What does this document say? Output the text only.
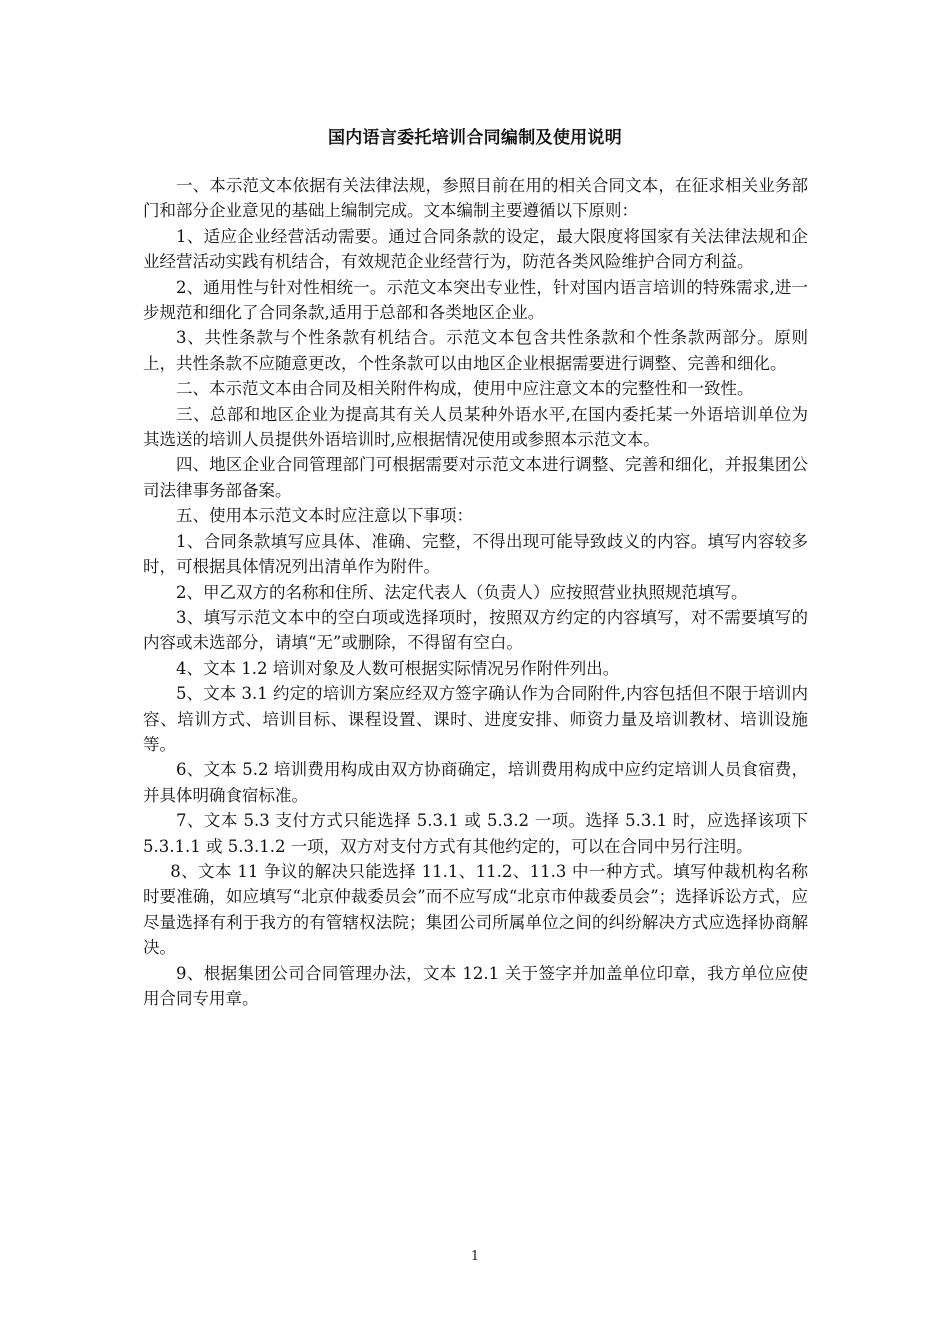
国内语言委托培训合同编制及使用说明

一、本示范文本依据有关法律法规，参照目前在用的相关合同文本，在征求相关业务部门和部分企业意见的基础上编制完成。文本编制主要遵循以下原则：

1、适应企业经营活动需要。通过合同条款的设定，最大限度将国家有关法律法规和企业经营活动实践有机结合，有效规范企业经营行为，防范各类风险维护合同方利益。

2、通用性与针对性相统一。示范文本突出专业性，针对国内语言培训的特殊需求,进一步规范和细化了合同条款,适用于总部和各类地区企业。

3、共性条款与个性条款有机结合。示范文本包含共性条款和个性条款两部分。原则上，共性条款不应随意更改，个性条款可以由地区企业根据需要进行调整、完善和细化。

二、本示范文本由合同及相关附件构成，使用中应注意文本的完整性和一致性。

三、总部和地区企业为提高其有关人员某种外语水平,在国内委托某一外语培训单位为其选送的培训人员提供外语培训时,应根据情况使用或参照本示范文本。

四、地区企业合同管理部门可根据需要对示范文本进行调整、完善和细化，并报集团公司法律事务部备案。

五、使用本示范文本时应注意以下事项：

1、合同条款填写应具体、准确、完整，不得出现可能导致歧义的内容。填写内容较多时，可根据具体情况列出清单作为附件。

2、甲乙双方的名称和住所、法定代表人（负责人）应按照营业执照规范填写。

3、填写示范文本中的空白项或选择项时，按照双方约定的内容填写，对不需要填写的内容或未选部分，请填“无”或删除，不得留有空白。

4、文本 1.2 培训对象及人数可根据实际情况另作附件列出。

5、文本 3.1 约定的培训方案应经双方签字确认作为合同附件,内容包括但不限于培训内容、培训方式、培训目标、课程设置、课时、进度安排、师资力量及培训教材、培训设施等。

6、文本 5.2 培训费用构成由双方协商确定，培训费用构成中应约定培训人员食宿费，并具体明确食宿标准。

7、文本 5.3 支付方式只能选择 5.3.1 或 5.3.2 一项。选择 5.3.1 时，应选择该项下 5.3.1.1 或 5.3.1.2 一项，双方对支付方式有其他约定的，可以在合同中另行注明。

8、文本 11 争议的解决只能选择 11.1、11.2、11.3 中一种方式。填写仲裁机构名称时要准确，如应填写“北京仲裁委员会”而不应写成“北京市仲裁委员会”；选择诉讼方式，应尽量选择有利于我方的有管辖权法院；集团公司所属单位之间的纠纷解决方式应选择协商解决。

9、根据集团公司合同管理办法，文本 12.1 关于签字并加盖单位印章，我方单位应使用合同专用章。

1
